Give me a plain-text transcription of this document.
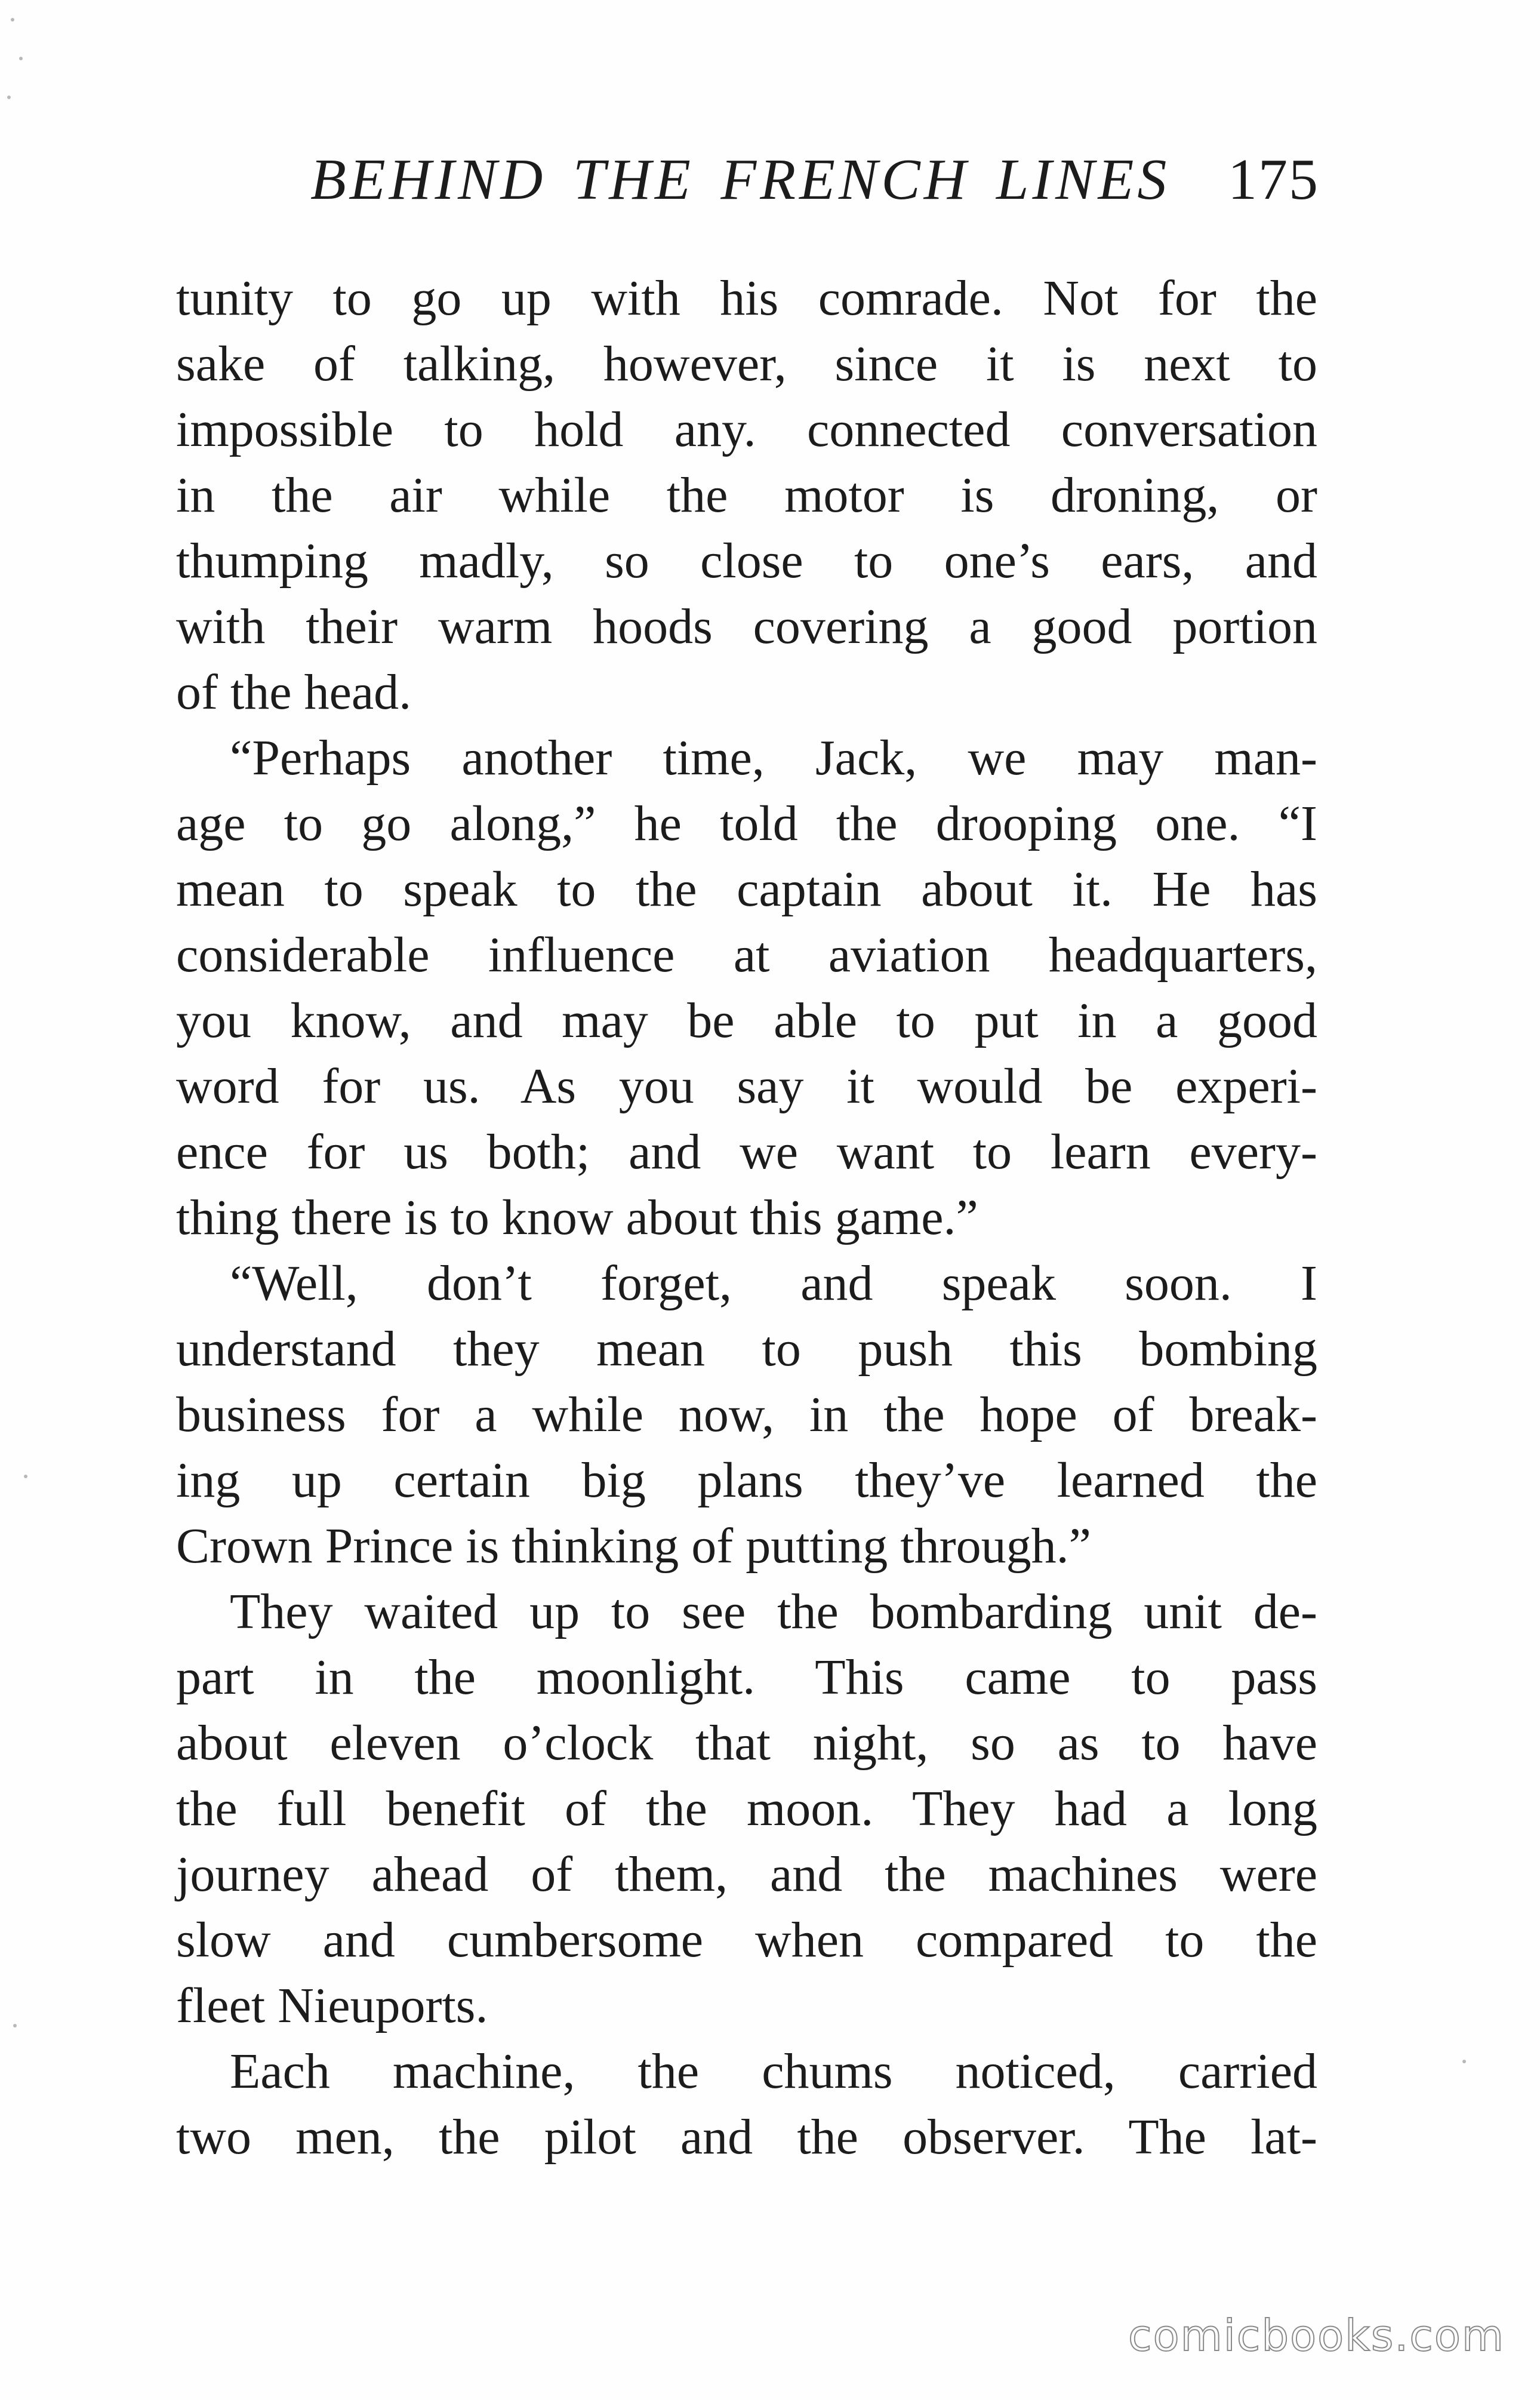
BEHIND THE FRENCH LINES 175
tunity to go up with his comrade. Not for the
sake of talking, however, since it is next to
impossible to hold any. connected conversation
in the air while the motor is droning, or
thumping madly, so close to one’s ears, and
with their warm hoods covering a good portion
of the head.
“Perhaps another time, Jack, we may man-
age to go along,” he told the drooping one. “I
mean to speak to the captain about it. He has
considerable influence at aviation headquarters,
you know, and may be able to put in a good
word for us. As you say it would be experi-
ence for us both; and we want to learn every-
thing there is to know about this game.”
“Well, don’t forget, and speak soon. I
understand they mean to push this bombing
business for a while now, in the hope of break-
ing up certain big plans they’ve learned the
Crown Prince is thinking of putting through.”
They waited up to see the bombarding unit de-
part in the moonlight. This came to pass
about eleven o’clock that night, so as to have
the full benefit of the moon. They had a long
journey ahead of them, and the machines were
slow and cumbersome when compared to the
fleet Nieuports.
Each machine, the chums noticed, carried
two men, the pilot and the observer. The lat-
comicbooks.com
